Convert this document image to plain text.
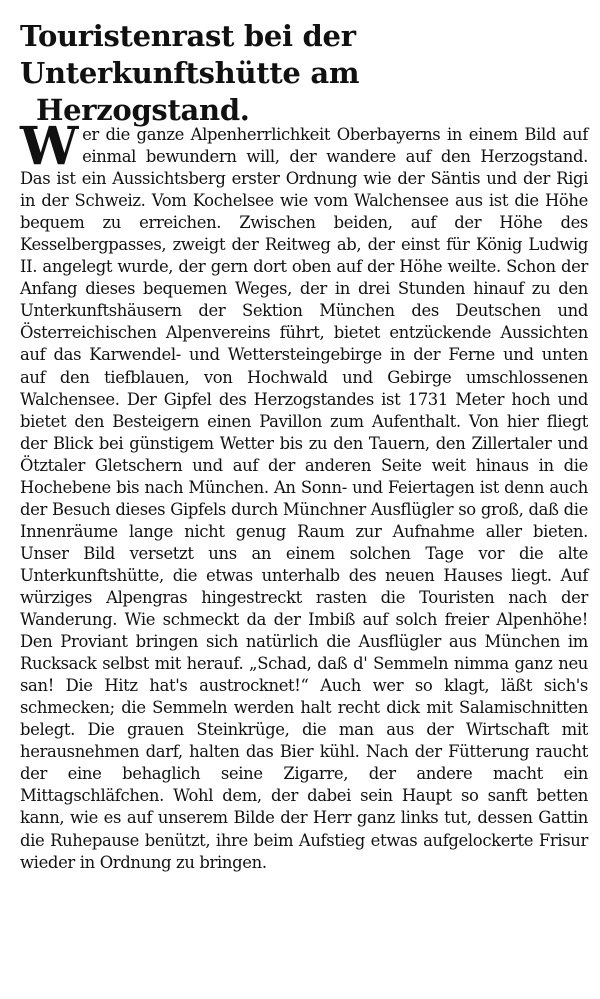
Touristenrast bei der Unterkunftshütte am
Herzogstand.

Wer die ganze Alpenherrlichkeit Oberbayerns in einem Bild auf einmal bewundern will, der wandere auf den Herzogstand. Das ist ein Aussichtsberg erster Ordnung wie der Säntis und der Rigi in der Schweiz. Vom Kochelsee wie vom Walchensee aus ist die Höhe bequem zu erreichen. Zwischen beiden, auf der Höhe des Kesselbergpasses, zweigt der Reitweg ab, der einst für König Ludwig II. angelegt wurde, der gern dort oben auf der Höhe weilte. Schon der Anfang dieses bequemen Weges, der in drei Stunden hinauf zu den Unterkunftshäusern der Sektion München des Deutschen und Österreichischen Alpenvereins führt, bietet entzückende Aussichten auf das Karwendel- und Wettersteingebirge in der Ferne und unten auf den tiefblauen, von Hochwald und Gebirge umschlossenen Walchensee. Der Gipfel des Herzogstandes ist 1731 Meter hoch und bietet den Besteigern einen Pavillon zum Aufenthalt. Von hier fliegt der Blick bei günstigem Wetter bis zu den Tauern, den Zillertaler und Ötztaler Gletschern und auf der anderen Seite weit hinaus in die Hochebene bis nach München. An Sonn- und Feiertagen ist denn auch der Besuch dieses Gipfels durch Münchner Ausflügler so groß, daß die Innenräume lange nicht genug Raum zur Aufnahme aller bieten. Unser Bild versetzt uns an einem solchen Tage vor die alte Unterkunftshütte, die etwas unterhalb des neuen Hauses liegt. Auf würziges Alpengras hingestreckt rasten die Touristen nach der Wanderung. Wie schmeckt da der Imbiß auf solch freier Alpenhöhe! Den Proviant bringen sich natürlich die Ausflügler aus München im Rucksack selbst mit herauf. „Schad, daß d' Semmeln nimma ganz neu san! Die Hitz hat's austrocknet!“ Auch wer so klagt, läßt sich's schmecken; die Semmeln werden halt recht dick mit Salamischnitten belegt. Die grauen Steinkrüge, die man aus der Wirtschaft mit herausnehmen darf, halten das Bier kühl. Nach der Fütterung raucht der eine behaglich seine Zigarre, der andere macht ein Mittagschläfchen. Wohl dem, der dabei sein Haupt so sanft betten kann, wie es auf unserem Bilde der Herr ganz links tut, dessen Gattin die Ruhepause benützt, ihre beim Aufstieg etwas aufgelockerte Frisur wieder in Ordnung zu bringen.
